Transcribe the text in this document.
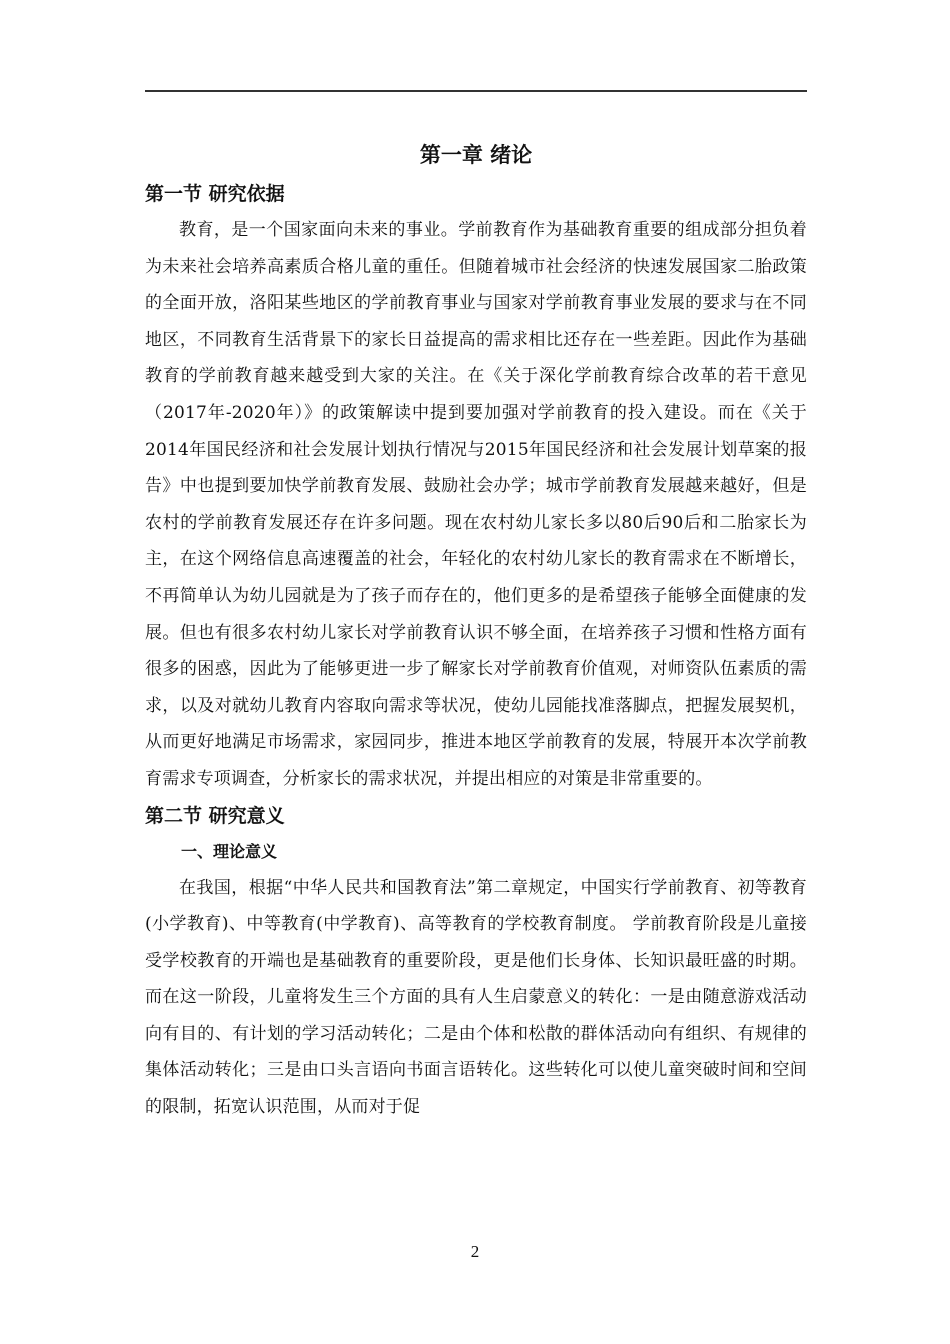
第一章 绪论
第一节 研究依据

教育，是一个国家面向未来的事业。学前教育作为基础教育重要的组成部分担负着为未来社会培养高素质合格儿童的重任。但随着城市社会经济的快速发展国家二胎政策的全面开放，洛阳某些地区的学前教育事业与国家对学前教育事业发展的要求与在不同地区，不同教育生活背景下的家长日益提高的需求相比还存在一些差距。因此作为基础教育的学前教育越来越受到大家的关注。在《关于深化学前教育综合改革的若干意见（2017年-2020年）》的政策解读中提到要加强对学前教育的投入建设。而在《关于2014年国民经济和社会发展计划执行情况与2015年国民经济和社会发展计划草案的报告》中也提到要加快学前教育发展、鼓励社会办学；城市学前教育发展越来越好，但是农村的学前教育发展还存在许多问题。现在农村幼儿家长多以80后90后和二胎家长为主，在这个网络信息高速覆盖的社会，年轻化的农村幼儿家长的教育需求在不断增长，不再简单认为幼儿园就是为了孩子而存在的，他们更多的是希望孩子能够全面健康的发展。但也有很多农村幼儿家长对学前教育认识不够全面，在培养孩子习惯和性格方面有很多的困惑，因此为了能够更进一步了解家长对学前教育价值观，对师资队伍素质的需求，以及对就幼儿教育内容取向需求等状况，使幼儿园能找准落脚点，把握发展契机，从而更好地满足市场需求，家园同步，推进本地区学前教育的发展，特展开本次学前教育需求专项调查，分析家长的需求状况，并提出相应的对策是非常重要的。

第二节 研究意义
一、理论意义

在我国，根据“中华人民共和国教育法”第二章规定，中国实行学前教育、初等教育(小学教育)、中等教育(中学教育)、高等教育的学校教育制度。 学前教育阶段是儿童接受学校教育的开端也是基础教育的重要阶段，更是他们长身体、长知识最旺盛的时期。而在这一阶段，儿童将发生三个方面的具有人生启蒙意义的转化：一是由随意游戏活动向有目的、有计划的学习活动转化；二是由个体和松散的群体活动向有组织、有规律的集体活动转化；三是由口头言语向书面言语转化。这些转化可以使儿童突破时间和空间的限制，拓宽认识范围，从而对于促

2
